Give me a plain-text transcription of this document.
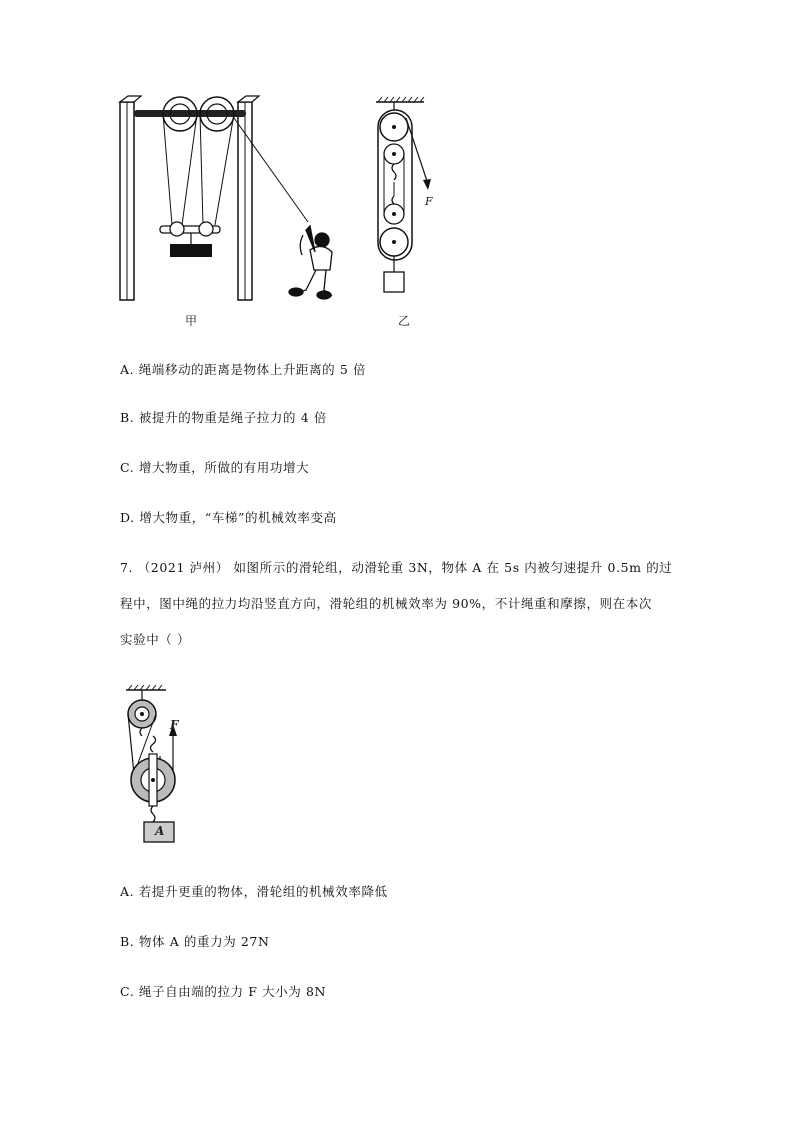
甲
F
乙
A. 绳端移动的距离是物体上升距离的 5 倍
B. 被提升的物重是绳子拉力的 4 倍
C. 增大物重，所做的有用功增大
D. 增大物重，“车梯”的机械效率变高
7. （2021 泸州） 如图所示的滑轮组，动滑轮重 3N，物体 A 在 5s 内被匀速提升 0.5m 的过
程中，图中绳的拉力均沿竖直方向，滑轮组的机械效率为 90%，不计绳重和摩擦，则在本次
实验中（ ）
F
A
A. 若提升更重的物体，滑轮组的机械效率降低
B. 物体 A 的重力为 27N
C. 绳子自由端的拉力 F 大小为 8N
